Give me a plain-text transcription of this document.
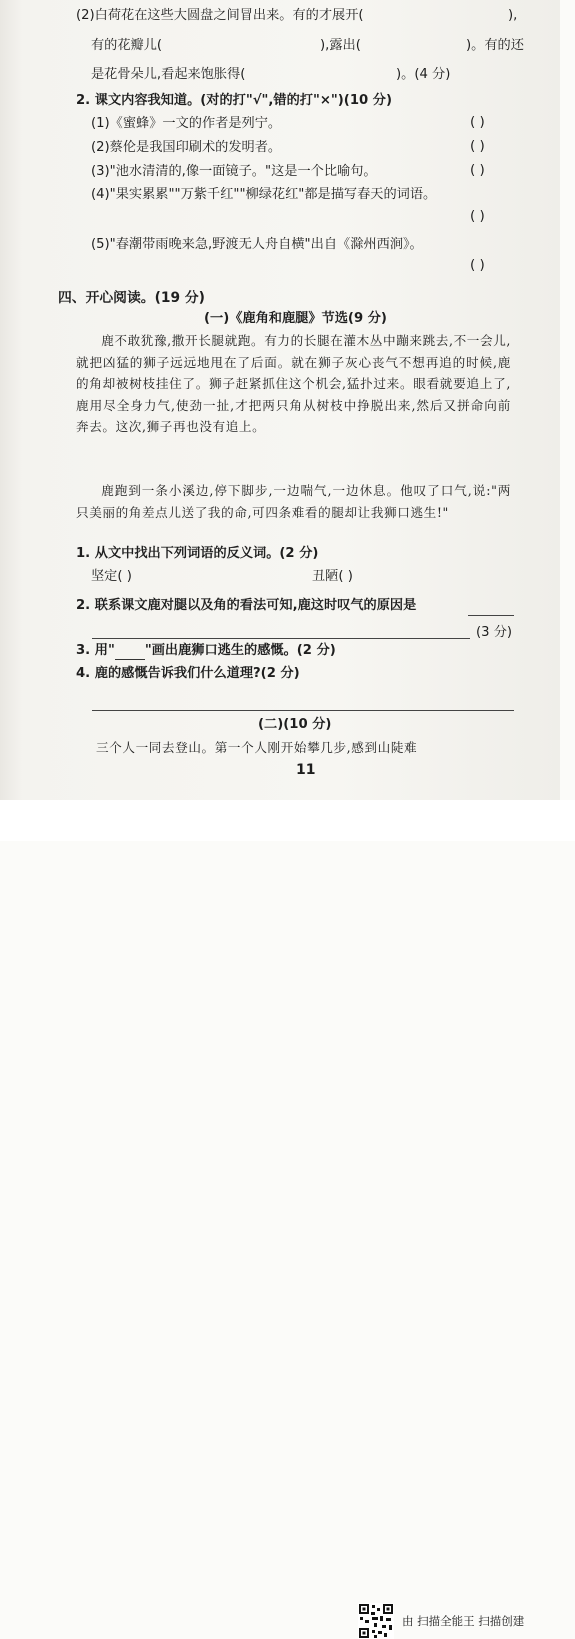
(2)白荷花在这些大圆盘之间冒出来。有的才展开(	),
有的花瓣儿(	),露出(	)。有的还
是花骨朵儿,看起来饱胀得(	)。(4 分)
2. 课文内容我知道。(对的打"√",错的打"×")(10 分)
(1)《蜜蜂》一文的作者是列宁。	( )
(2)蔡伦是我国印刷术的发明者。	( )
(3)"池水清清的,像一面镜子。"这是一个比喻句。	( )
(4)"果实累累""万紫千红""柳绿花红"都是描写春天的词语。
( )
(5)"春潮带雨晚来急,野渡无人舟自横"出自《滁州西涧》。
( )
四、开心阅读。(19 分)
(一)《鹿角和鹿腿》节选(9 分)
鹿不敢犹豫,撒开长腿就跑。有力的长腿在灌木丛中蹦来跳去,不一会儿,就把凶猛的狮子远远地甩在了后面。就在狮子灰心丧气不想再追的时候,鹿的角却被树枝挂住了。狮子赶紧抓住这个机会,猛扑过来。眼看就要追上了,鹿用尽全身力气,使劲一扯,才把两只角从树枝中挣脱出来,然后又拼命向前奔去。这次,狮子再也没有追上。
鹿跑到一条小溪边,停下脚步,一边喘气,一边休息。他叹了口气,说:"两只美丽的角差点儿送了我的命,可四条难看的腿却让我狮口逃生!"
1. 从文中找出下列词语的反义词。(2 分)
坚定( )	丑陋( )
2. 联系课文鹿对腿以及角的看法可知,鹿这时叹气的原因是
(3 分)
3. 用" "画出鹿狮口逃生的感慨。(2 分)
4. 鹿的感慨告诉我们什么道理?(2 分)
(二)(10 分)
三个人一同去登山。第一个人刚开始攀几步,感到山陡难
11
由 扫描全能王 扫描创建
